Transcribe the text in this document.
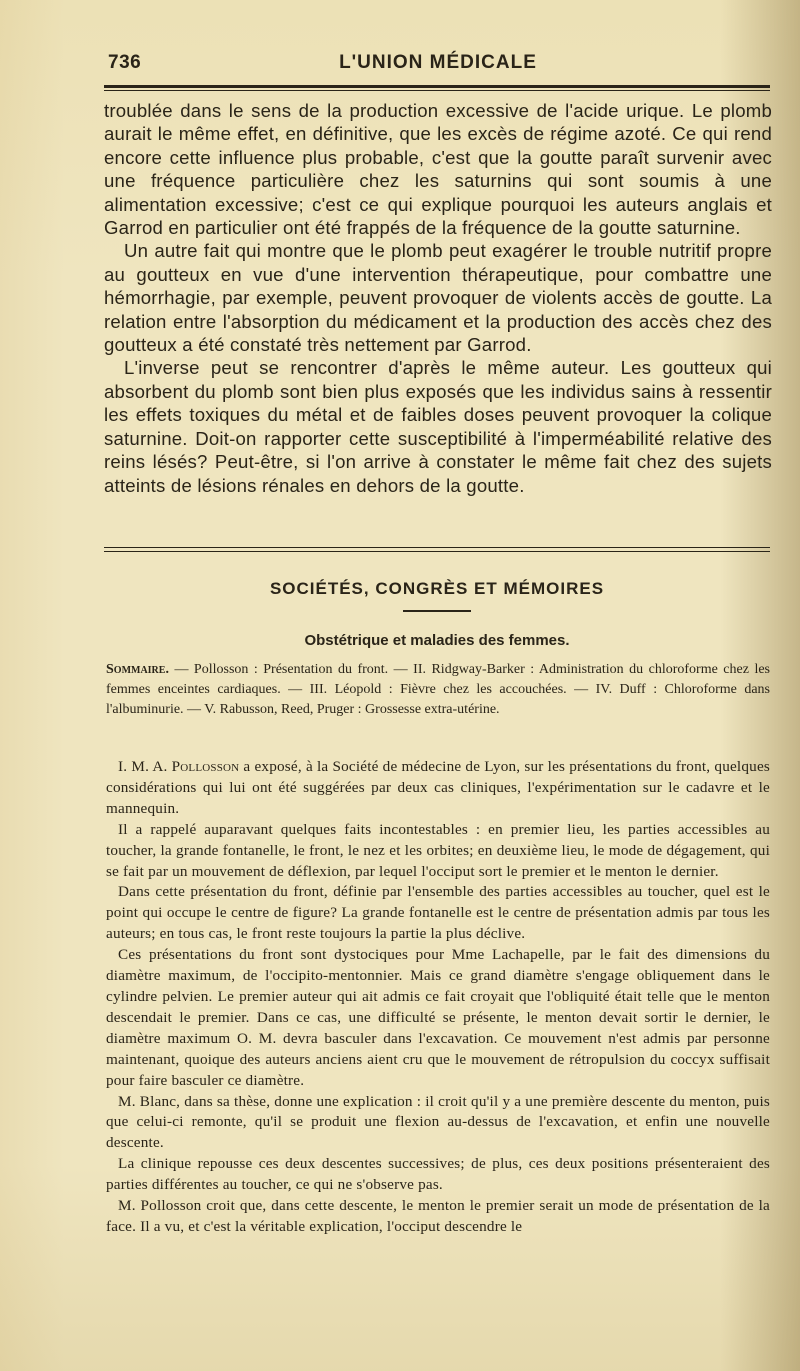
736	L'UNION MÉDICALE

troublée dans le sens de la production excessive de l'acide urique. Le plomb aurait le même effet, en définitive, que les excès de régime azoté. Ce qui rend encore cette influence plus probable, c'est que la goutte paraît survenir avec une fréquence particulière chez les saturnins qui sont soumis à une alimentation excessive; c'est ce qui explique pourquoi les auteurs anglais et Garrod en particulier ont été frappés de la fréquence de la goutte saturnine.

Un autre fait qui montre que le plomb peut exagérer le trouble nutritif propre au goutteux en vue d'une intervention thérapeutique, pour combattre une hémorrhagie, par exemple, peuvent provoquer de violents accès de goutte. La relation entre l'absorption du médicament et la production des accès chez des goutteux a été constaté très nettement par Garrod.

L'inverse peut se rencontrer d'après le même auteur. Les goutteux qui absorbent du plomb sont bien plus exposés que les individus sains à ressentir les effets toxiques du métal et de faibles doses peuvent provoquer la colique saturnine. Doit-on rapporter cette susceptibilité à l'imperméabilité relative des reins lésés? Peut-être, si l'on arrive à constater le même fait chez des sujets atteints de lésions rénales en dehors de la goutte.

SOCIÉTÉS, CONGRÈS ET MÉMOIRES
Obstétrique et maladies des femmes.
Sommaire. — Pollosson : Présentation du front. — II. Ridgway-Barker : Administration du chloroforme chez les femmes enceintes cardiaques. — III. Léopold : Fièvre chez les accouchées. — IV. Duff : Chloroforme dans l'albuminurie. — V. Rabusson, Reed, Pruger : Grossesse extra-utérine.

I. M. A. Pollosson a exposé, à la Société de médecine de Lyon, sur les présentations du front, quelques considérations qui lui ont été suggérées par deux cas cliniques, l'expérimentation sur le cadavre et le mannequin.

Il a rappelé auparavant quelques faits incontestables : en premier lieu, les parties accessibles au toucher, la grande fontanelle, le front, le nez et les orbites; en deuxième lieu, le mode de dégagement, qui se fait par un mouvement de déflexion, par lequel l'occiput sort le premier et le menton le dernier.

Dans cette présentation du front, définie par l'ensemble des parties accessibles au toucher, quel est le point qui occupe le centre de figure? La grande fontanelle est le centre de présentation admis par tous les auteurs; en tous cas, le front reste toujours la partie la plus déclive.

Ces présentations du front sont dystociques pour Mme Lachapelle, par le fait des dimensions du diamètre maximum, de l'occipito-mentonnier. Mais ce grand diamètre s'engage obliquement dans le cylindre pelvien. Le premier auteur qui ait admis ce fait croyait que l'obliquité était telle que le menton descendait le premier. Dans ce cas, une difficulté se présente, le menton devait sortir le dernier, le diamètre maximum O. M. devra basculer dans l'excavation. Ce mouvement n'est admis par personne maintenant, quoique des auteurs anciens aient cru que le mouvement de rétropulsion du coccyx suffisait pour faire basculer ce diamètre.

M. Blanc, dans sa thèse, donne une explication : il croit qu'il y a une première descente du menton, puis que celui-ci remonte, qu'il se produit une flexion au-dessus de l'excavation, et enfin une nouvelle descente.

La clinique repousse ces deux descentes successives; de plus, ces deux positions présenteraient des parties différentes au toucher, ce qui ne s'observe pas.

M. Pollosson croit que, dans cette descente, le menton le premier serait un mode de présentation de la face. Il a vu, et c'est la véritable explication, l'occiput descendre le
